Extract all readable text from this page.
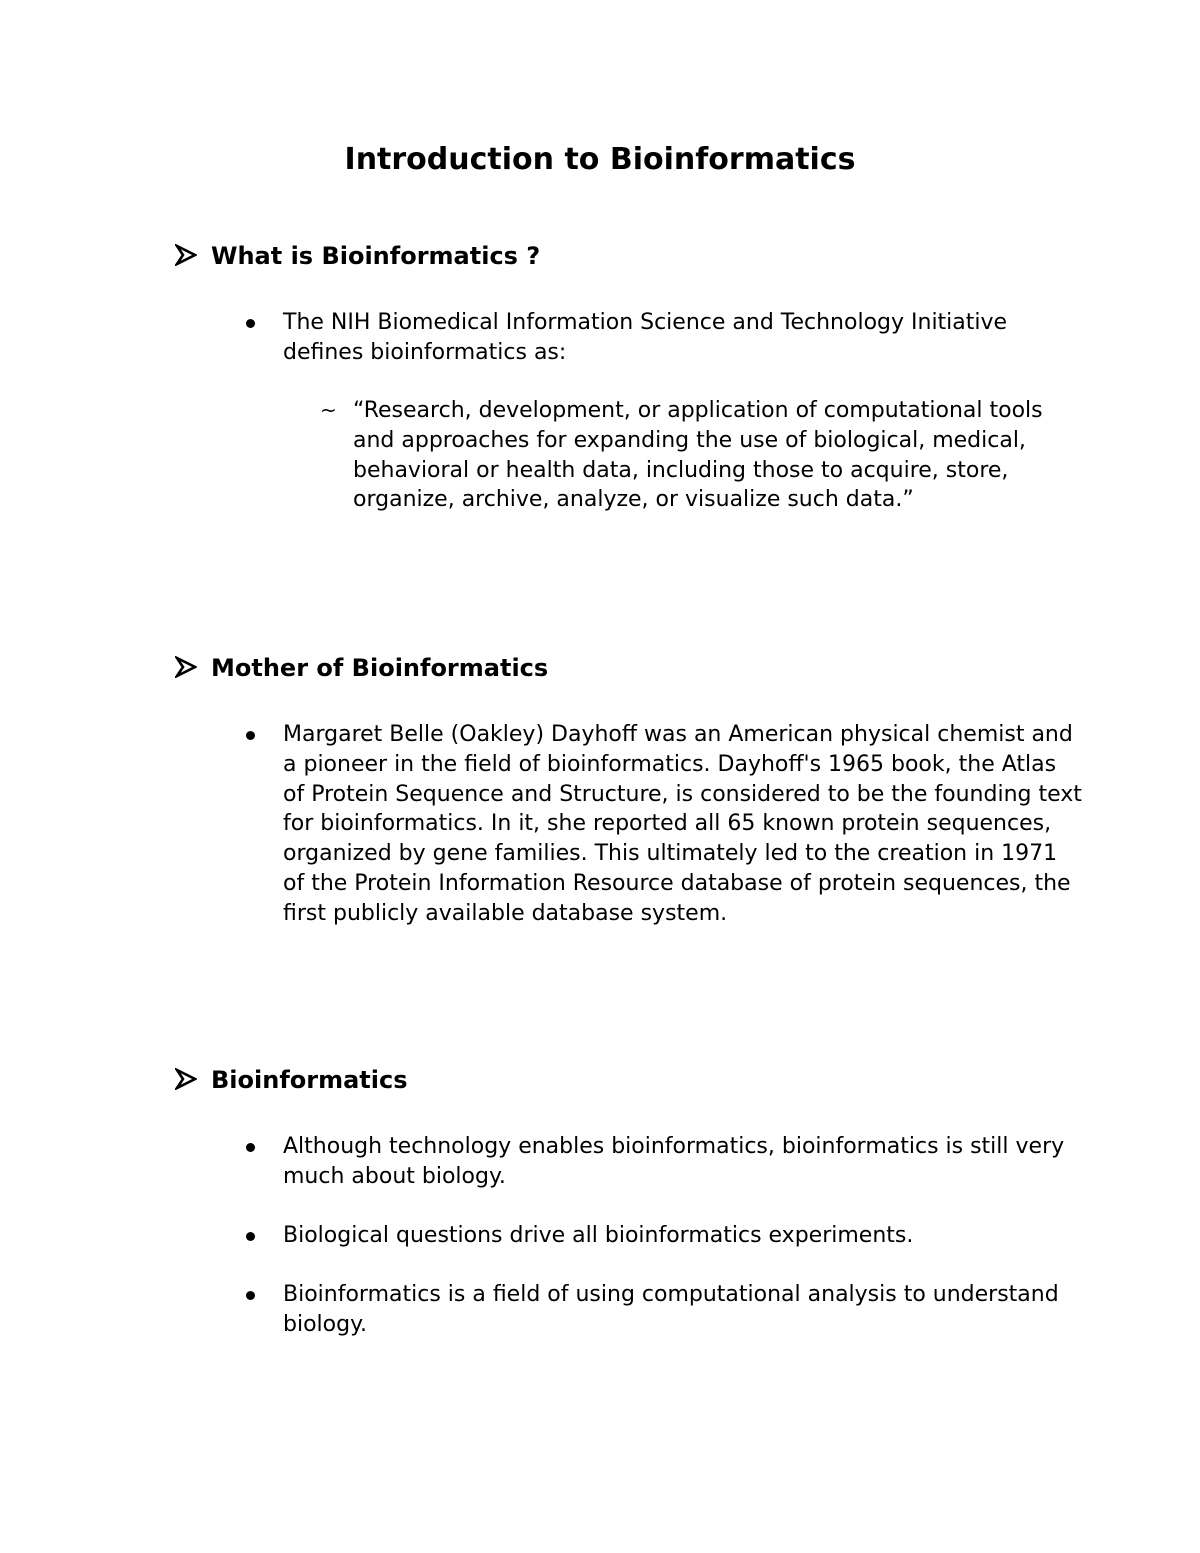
Introduction to Bioinformatics
What is Bioinformatics ?
The NIH Biomedical Information Science and Technology Initiative defines bioinformatics as:
~ “Research, development, or application of computational tools and approaches for expanding the use of biological, medical, behavioral or health data, including those to acquire, store, organize, archive, analyze, or visualize such data.”
Mother of Bioinformatics
Margaret Belle (Oakley) Dayhoff was an American physical chemist and a pioneer in the field of bioinformatics. Dayhoff's 1965 book, the Atlas of Protein Sequence and Structure, is considered to be the founding text for bioinformatics. In it, she reported all 65 known protein sequences, organized by gene families. This ultimately led to the creation in 1971 of the Protein Information Resource database of protein sequences, the first publicly available database system.
Bioinformatics
Although technology enables bioinformatics, bioinformatics is still very much about biology.
Biological questions drive all bioinformatics experiments.
Bioinformatics is a field of using computational analysis to understand biology.
